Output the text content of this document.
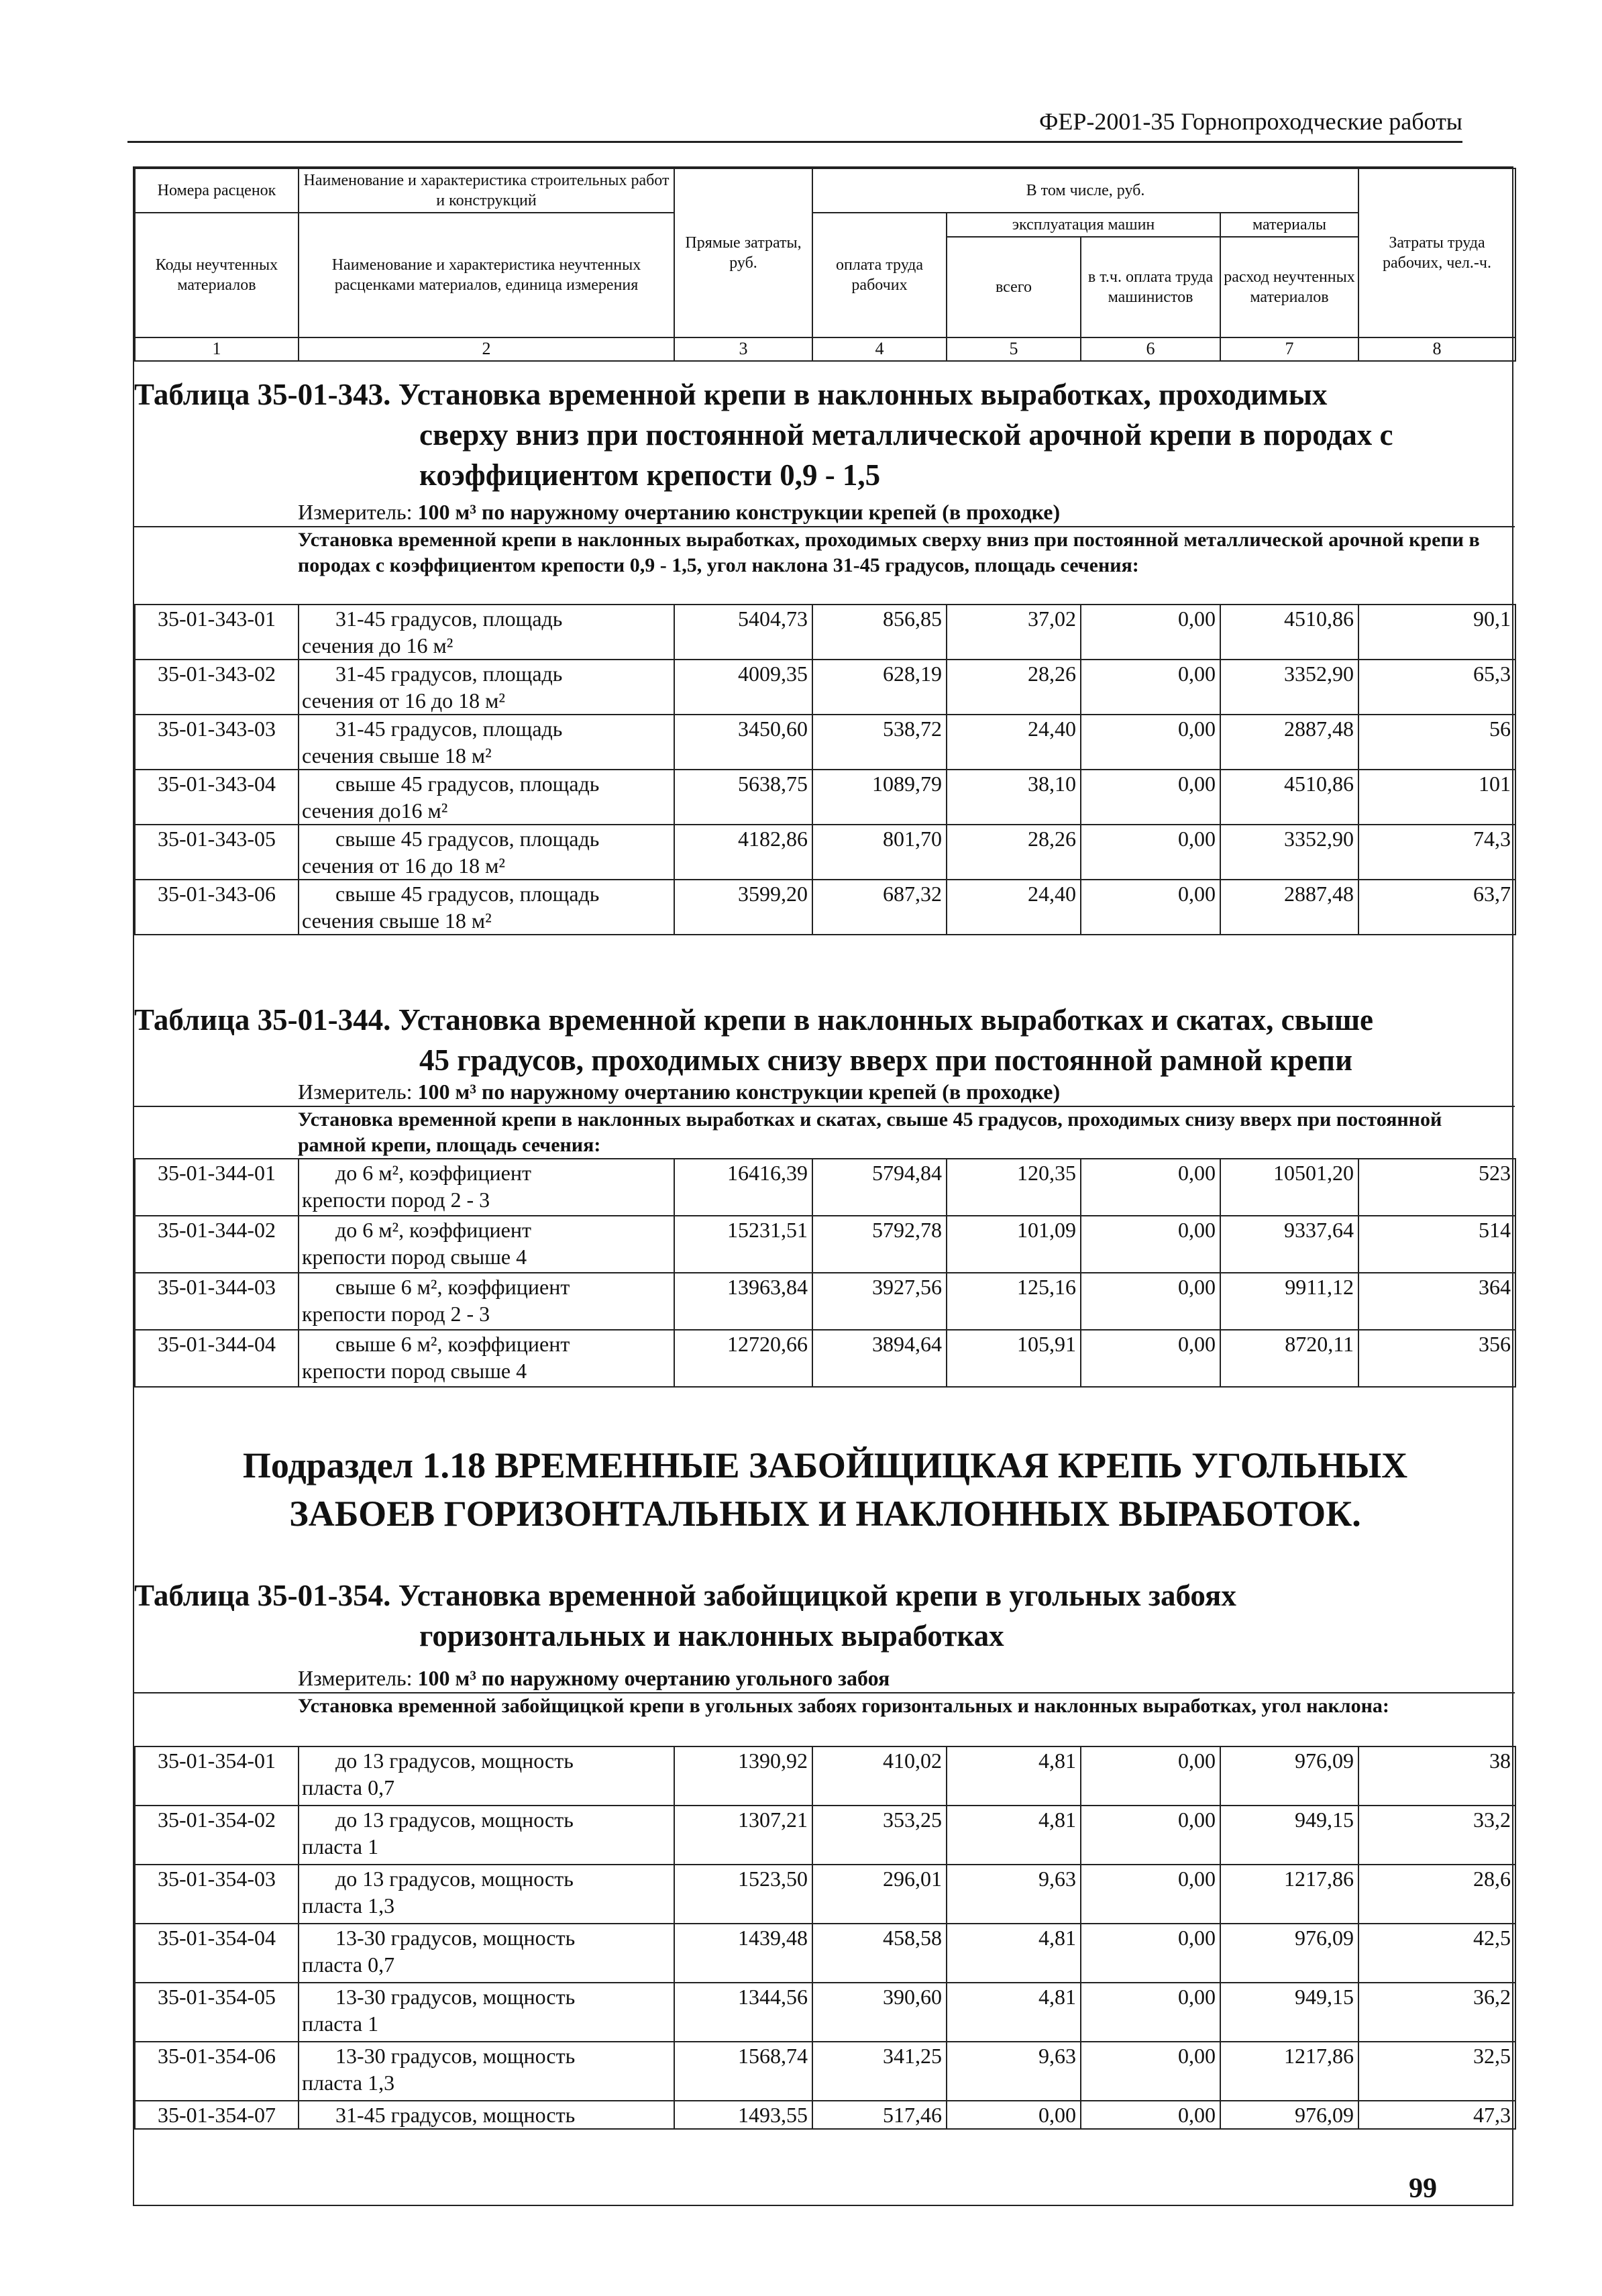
ФЕР-2001-35 Горнопроходческие работы
Номера расценок	Наименование и характеристика строительных работ и конструкций	Прямые затраты, руб.	В том числе, руб.				Затраты труда рабочих, чел.-ч.
Коды неучтенных материалов	Наименование и характеристика неучтенных расценками материалов, единица измерения		оплата труда рабочих	эксплуатация машин		материалы	
				всего	в т.ч. оплата труда машинистов	расход неучтенных материалов	
1	2	3	4	5	6	7	8
Таблица 35-01-343. Установка временной крепи в наклонных выработках, проходимых
сверху вниз при постоянной металлической арочной крепи в породах с
коэффициентом крепости 0,9 - 1,5
Измеритель: 100 м³ по наружному очертанию конструкции крепей (в проходке)
Установка временной крепи в наклонных выработках, проходимых сверху вниз при постоянной металлической арочной крепи в породах с коэффициентом крепости 0,9 - 1,5, угол наклона 31-45 градусов, площадь сечения:
35-01-343-01	31-45 градусов, площадь
сечения до 16 м²	5404,73	856,85	37,02	0,00	4510,86	90,1
35-01-343-02	31-45 градусов, площадь
сечения от 16 до 18 м²	4009,35	628,19	28,26	0,00	3352,90	65,3
35-01-343-03	31-45 градусов, площадь
сечения свыше 18 м²	3450,60	538,72	24,40	0,00	2887,48	56
35-01-343-04	свыше 45 градусов, площадь
сечения до16 м²	5638,75	1089,79	38,10	0,00	4510,86	101
35-01-343-05	свыше 45 градусов, площадь
сечения от 16 до 18 м²	4182,86	801,70	28,26	0,00	3352,90	74,3
35-01-343-06	свыше 45 градусов, площадь
сечения свыше 18 м²	3599,20	687,32	24,40	0,00	2887,48	63,7
Таблица 35-01-344. Установка временной крепи в наклонных выработках и скатах, свыше
45 градусов, проходимых снизу вверх при постоянной рамной крепи
Измеритель: 100 м³ по наружному очертанию конструкции крепей (в проходке)
Установка временной крепи в наклонных выработках и скатах, свыше 45 градусов, проходимых снизу вверх при постоянной рамной крепи, площадь сечения:
35-01-344-01	до 6 м², коэффициент
крепости пород 2 - 3	16416,39	5794,84	120,35	0,00	10501,20	523
35-01-344-02	до 6 м², коэффициент
крепости пород свыше 4	15231,51	5792,78	101,09	0,00	9337,64	514
35-01-344-03	свыше 6 м², коэффициент
крепости пород 2 - 3	13963,84	3927,56	125,16	0,00	9911,12	364
35-01-344-04	свыше 6 м², коэффициент
крепости пород свыше 4	12720,66	3894,64	105,91	0,00	8720,11	356
Подраздел 1.18 ВРЕМЕННЫЕ ЗАБОЙЩИЦКАЯ КРЕПЬ УГОЛЬНЫХ
ЗАБОЕВ ГОРИЗОНТАЛЬНЫХ И НАКЛОННЫХ ВЫРАБОТОК.
Таблица 35-01-354. Установка временной забойщицкой крепи в угольных забоях
горизонтальных и наклонных выработках
Измеритель: 100 м³ по наружному очертанию угольного забоя
Установка временной забойщицкой крепи в угольных забоях горизонтальных и наклонных выработках, угол наклона:
35-01-354-01	до 13 градусов, мощность
пласта 0,7	1390,92	410,02	4,81	0,00	976,09	38
35-01-354-02	до 13 градусов, мощность
пласта 1	1307,21	353,25	4,81	0,00	949,15	33,2
35-01-354-03	до 13 градусов, мощность
пласта 1,3	1523,50	296,01	9,63	0,00	1217,86	28,6
35-01-354-04	13-30 градусов, мощность
пласта 0,7	1439,48	458,58	4,81	0,00	976,09	42,5
35-01-354-05	13-30 градусов, мощность
пласта 1	1344,56	390,60	4,81	0,00	949,15	36,2
35-01-354-06	13-30 градусов, мощность
пласта 1,3	1568,74	341,25	9,63	0,00	1217,86	32,5
35-01-354-07	31-45 градусов, мощность	1493,55	517,46	0,00	0,00	976,09	47,3
99
